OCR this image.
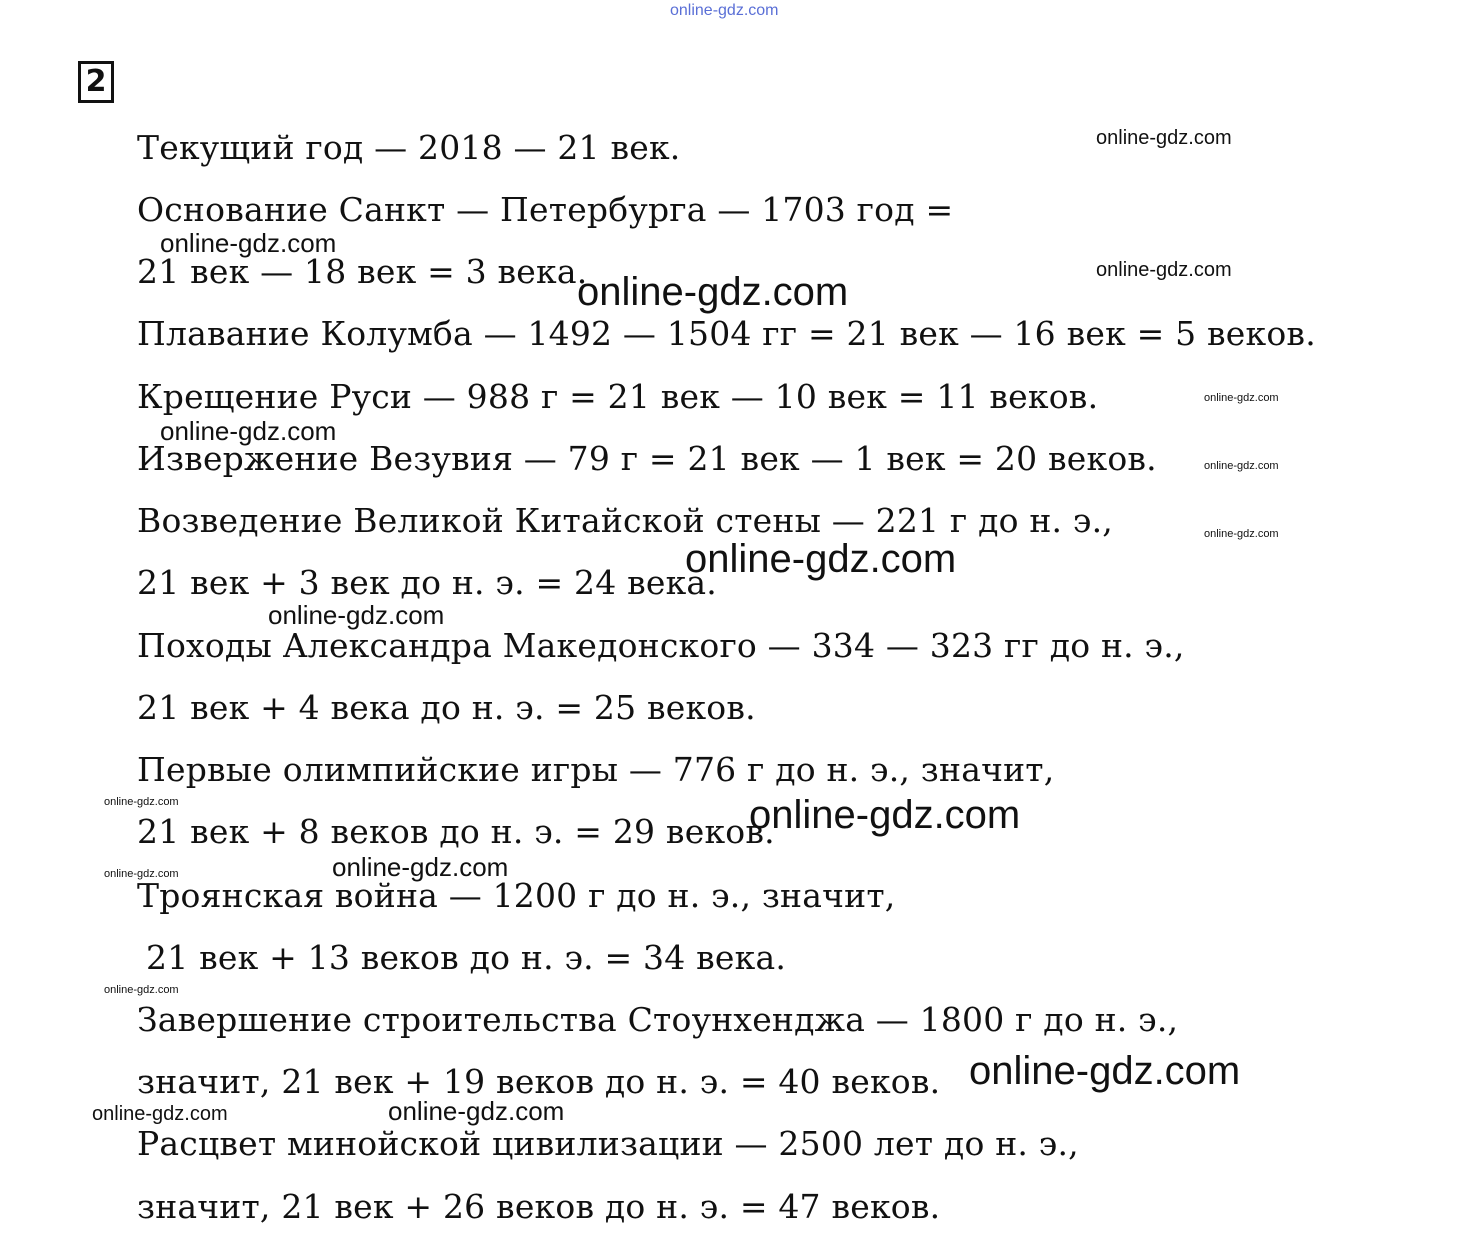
online-gdz.com
2
Текущий год — 2018 — 21 век.
Основание Санкт — Петербурга — 1703 год =
21 век — 18 век = 3 века.
Плавание Колумба — 1492 — 1504 гг = 21 век — 16 век = 5 веков.
Крещение Руси — 988 г = 21 век — 10 век = 11 веков.
Извержение Везувия — 79 г = 21 век — 1 век = 20 веков.
Возведение Великой Китайской стены — 221 г до н. э.,
21 век + 3 век до н. э. = 24 века.
Походы Александра Македонского — 334 — 323 гг до н. э.,
21 век + 4 века до н. э. = 25 веков.
Первые олимпийские игры — 776 г до н. э., значит,
21 век + 8 веков до н. э. = 29 веков.
Троянская война — 1200 г до н. э., значит,
21 век + 13 веков до н. э. = 34 века.
Завершение строительства Стоунхенджа — 1800 г до н. э.,
значит, 21 век + 19 веков до н. э. = 40 веков.
Расцвет минойской цивилизации — 2500 лет до н. э.,
значит, 21 век + 26 веков до н. э. = 47 веков.
online-gdz.com
online-gdz.com
online-gdz.com
online-gdz.com
online-gdz.com
online-gdz.com
online-gdz.com
online-gdz.com
online-gdz.com
online-gdz.com
online-gdz.com	online-gdz.com
online-gdz.com
online-gdz.com
online-gdz.com
online-gdz.com
online-gdz.com
online-gdz.com
